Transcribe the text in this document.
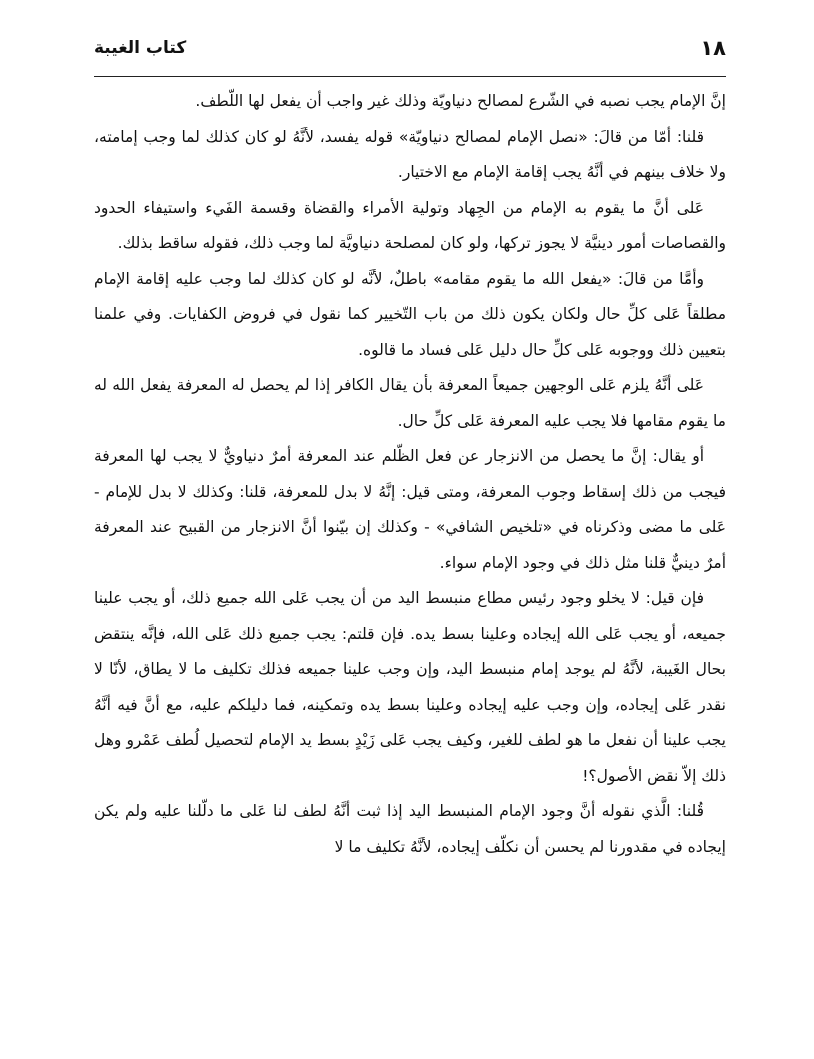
١٨
كتاب الغيبة

إنَّ الإمام يجب نصبه في الشّرع لمصالح دنياويّة وذلك غير واجب أن يفعل لها اللّطف.

قلنا: أمّا من قالَ: «نصل الإمام لمصالح دنياويّة» قوله يفسد، لأنَّهُ لو كان كذلك لما وجب إمامته، ولا خلاف بينهم في أنَّهُ يجب إقامة الإمام مع الاختيار.

عَلى أنَّ ما يقوم به الإمام من الجِهاد وتولية الأمراء والقضاة وقسمة الفَيء واستيفاء الحدود والقصاصات أمور دينيَّة لا يجوز تركها، ولو كان لمصلحة دنياويَّة لما وجب ذلك، فقوله ساقط بذلك.

وأمَّا من قالَ: «يفعل الله ما يقوم مقامه» باطلٌ، لأنَّه لو كان كذلك لما وجب عليه إقامة الإمام مطلقاً عَلى كلِّ حال ولكان يكون ذلك من باب التّخيير كما نقول في فروض الكفايات. وفي علمنا بتعيين ذلك ووجوبه عَلى كلِّ حال دليل عَلى فساد ما قالوه.

عَلى أنَّهُ يلزم عَلى الوجهين جميعاً المعرفة بأن يقال الكافر إذا لم يحصل له المعرفة يفعل الله له ما يقوم مقامها فلا يجب عليه المعرفة عَلى كلِّ حال.

أو يقال: إنَّ ما يحصل من الانزجار عن فعل الظّلم عند المعرفة أمرٌ دنياويٌّ لا يجب لها المعرفة فيجب من ذلك إسقاط وجوب المعرفة، ومتى قيل: إنَّهُ لا بدل للمعرفة، قلنا: وكذلك لا بدل للإمام - عَلى ما مضى وذكرناه في «تلخيص الشافي» - وكذلك إن بيّنوا أنَّ الانزجار من القبيح عند المعرفة أمرٌ دينيٌّ قلنا مثل ذلك في وجود الإمام سواء.

فإن قيل: لا يخلو وجود رئيس مطاع منبسط اليد من أن يجب عَلى الله جميع ذلك، أو يجب علينا جميعه، أو يجب عَلى الله إيجاده وعلينا بسط يده. فإن قلتم: يجب جميع ذلك عَلى الله، فإنَّه ينتقض بحال الغَيبة، لأنَّهُ لم يوجد إمام منبسط اليد، وإن وجب علينا جميعه فذلك تكليف ما لا يطاق، لأنّا لا نقدر عَلى إيجاده، وإن وجب عليه إيجاده وعلينا بسط يده وتمكينه، فما دليلكم عليه، مع أنَّ فيه أنَّهُ يجب علينا أن نفعل ما هو لطف للغير، وكيف يجب عَلى زَيْدٍ بسط يد الإمام لتحصيل لُطف عَمْرو وهل ذلك إلاّ نقض الأصول؟!

قُلنا: الَّذي نقوله أنَّ وجود الإمام المنبسط اليد إذا ثبت أنَّهُ لطف لنا عَلى ما دلّلنا عليه ولم يكن إيجاده في مقدورنا لم يحسن أن نكلّف إيجاده، لأنَّهُ تكليف ما لا
